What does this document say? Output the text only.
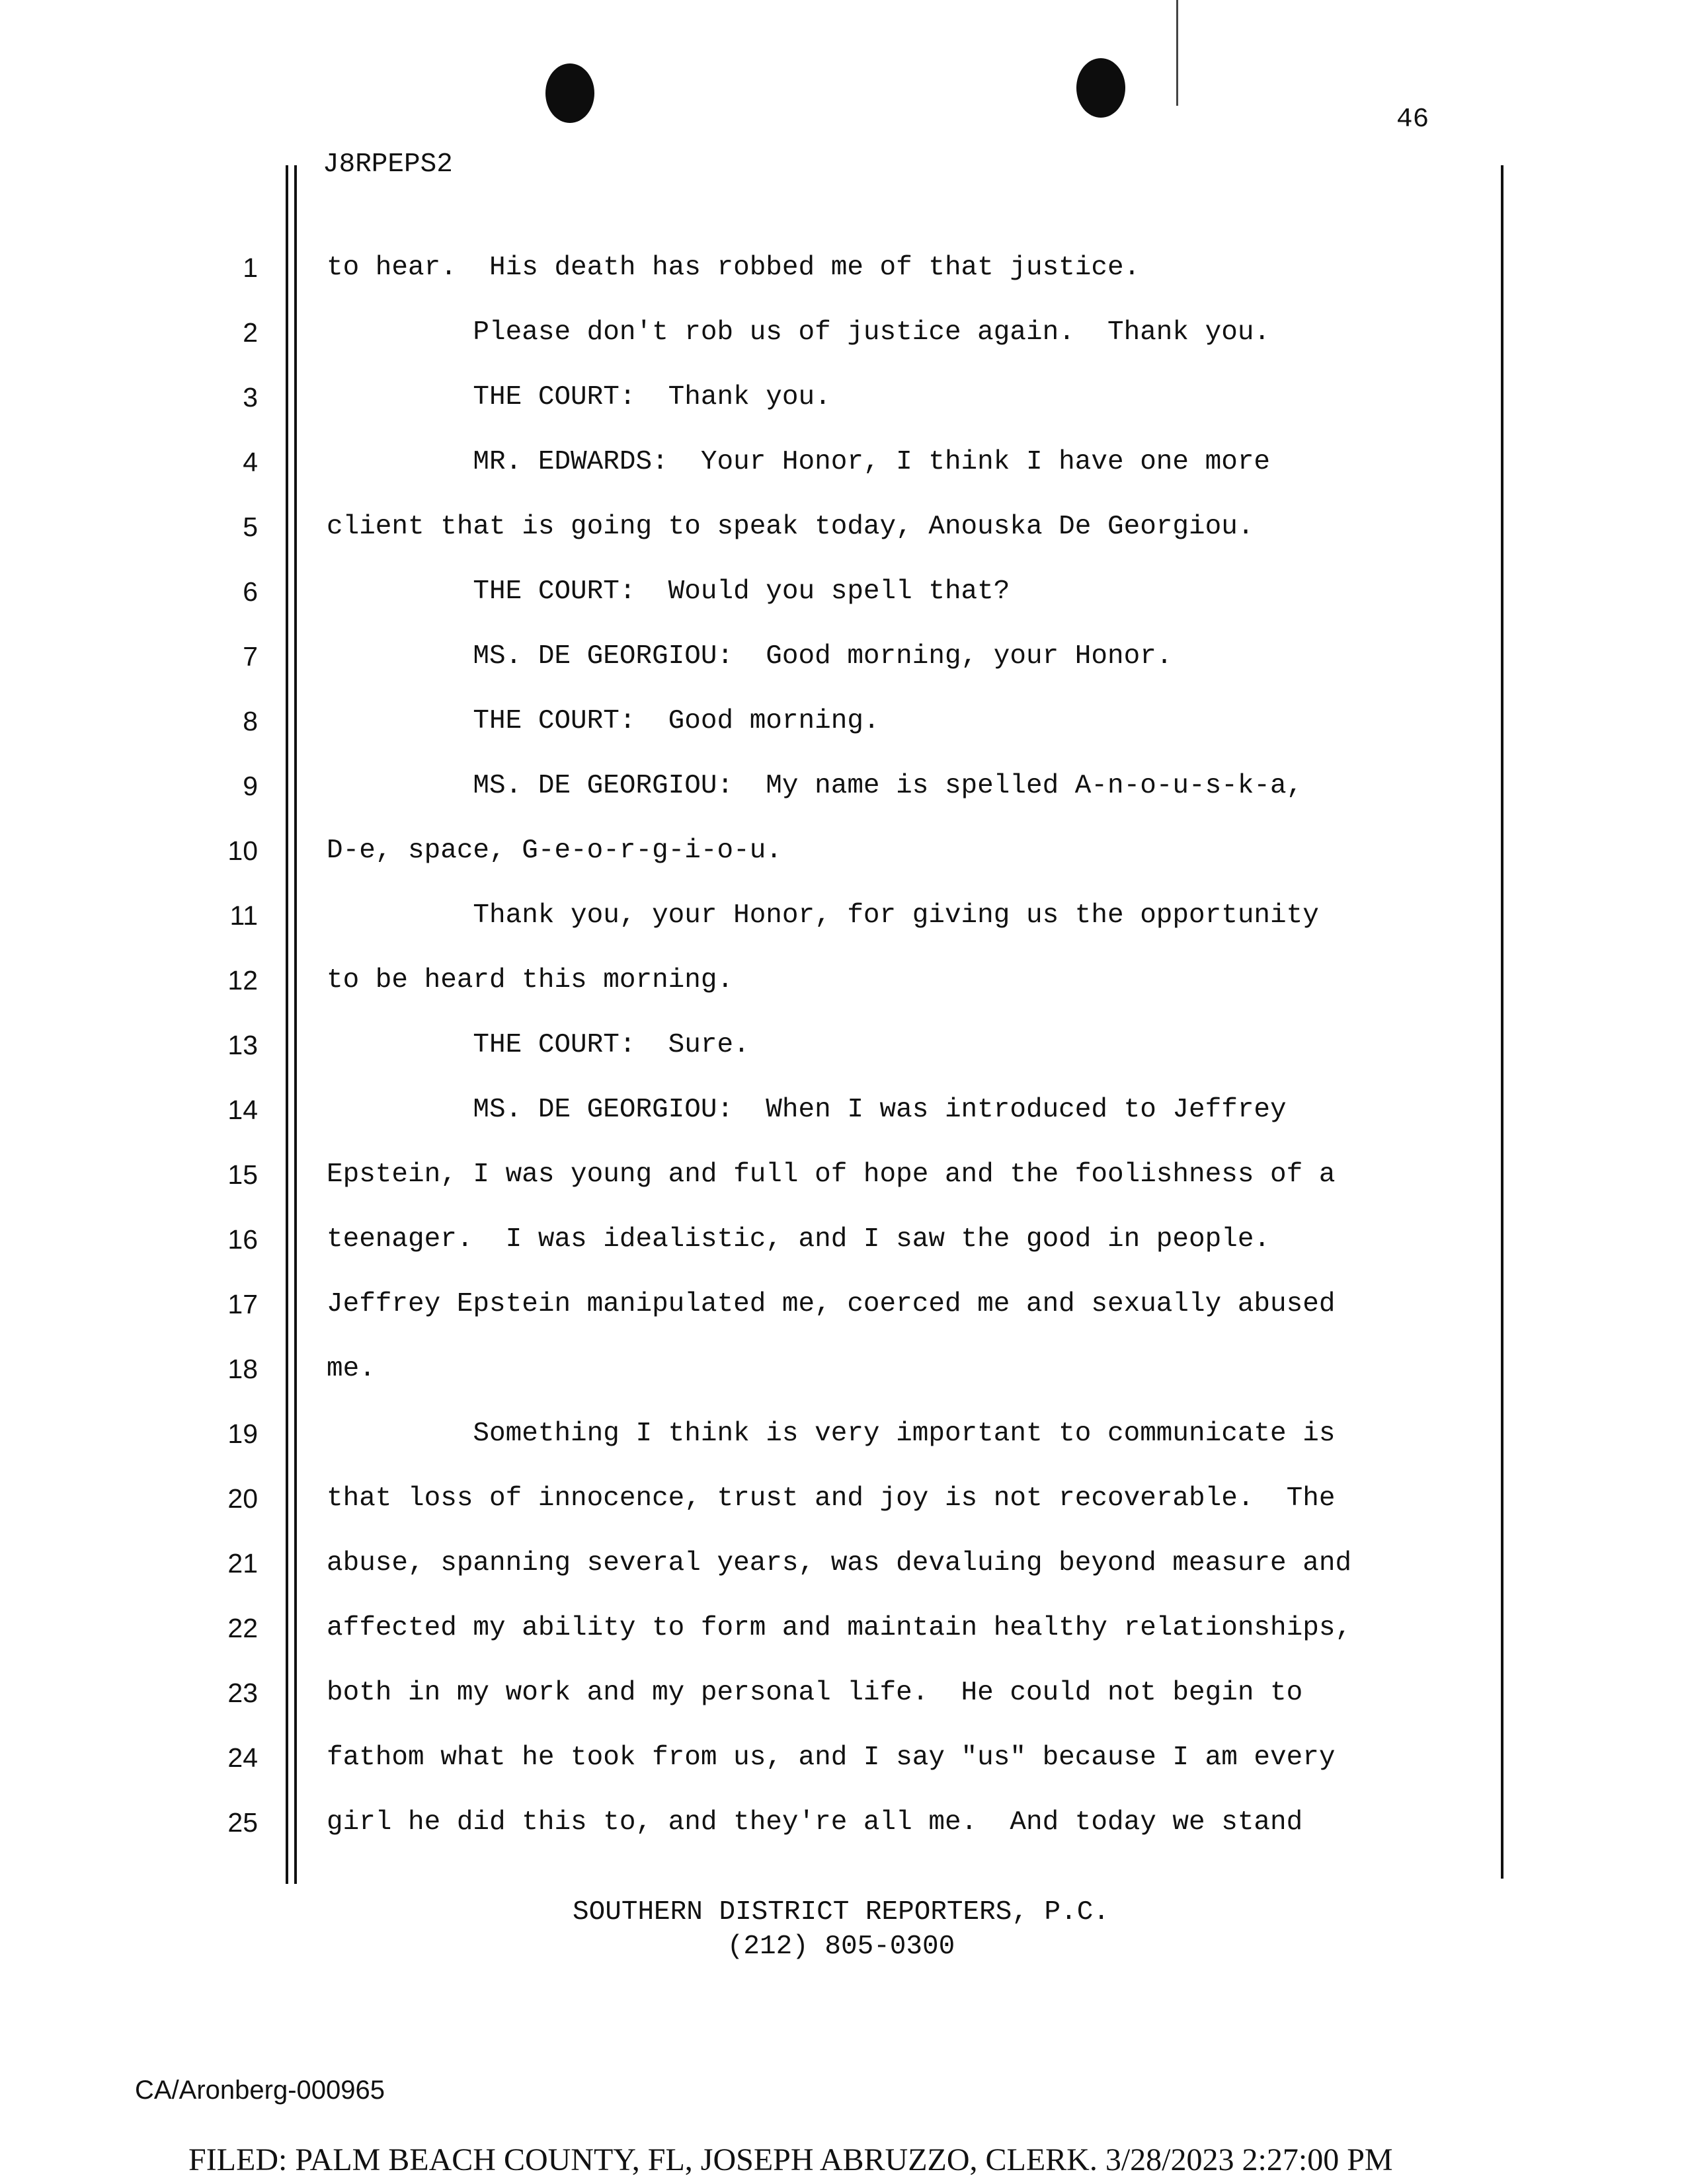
46
J8RPEPS2
1	to hear.  His death has robbed me of that justice.
2	Please don't rob us of justice again.  Thank you.
3	THE COURT:  Thank you.
4	MR. EDWARDS:  Your Honor, I think I have one more
5	client that is going to speak today, Anouska De Georgiou.
6	THE COURT:  Would you spell that?
7	MS. DE GEORGIOU:  Good morning, your Honor.
8	THE COURT:  Good morning.
9	MS. DE GEORGIOU:  My name is spelled A-n-o-u-s-k-a,
10	D-e, space, G-e-o-r-g-i-o-u.
11	Thank you, your Honor, for giving us the opportunity
12	to be heard this morning.
13	THE COURT:  Sure.
14	MS. DE GEORGIOU:  When I was introduced to Jeffrey
15	Epstein, I was young and full of hope and the foolishness of a
16	teenager.  I was idealistic, and I saw the good in people.
17	Jeffrey Epstein manipulated me, coerced me and sexually abused
18	me.
19	Something I think is very important to communicate is
20	that loss of innocence, trust and joy is not recoverable.  The
21	abuse, spanning several years, was devaluing beyond measure and
22	affected my ability to form and maintain healthy relationships,
23	both in my work and my personal life.  He could not begin to
24	fathom what he took from us, and I say "us" because I am every
25	girl he did this to, and they're all me.  And today we stand
SOUTHERN DISTRICT REPORTERS, P.C.
(212) 805-0300
CA/Aronberg-000965
FILED: PALM BEACH COUNTY, FL, JOSEPH ABRUZZO, CLERK. 3/28/2023 2:27:00 PM
